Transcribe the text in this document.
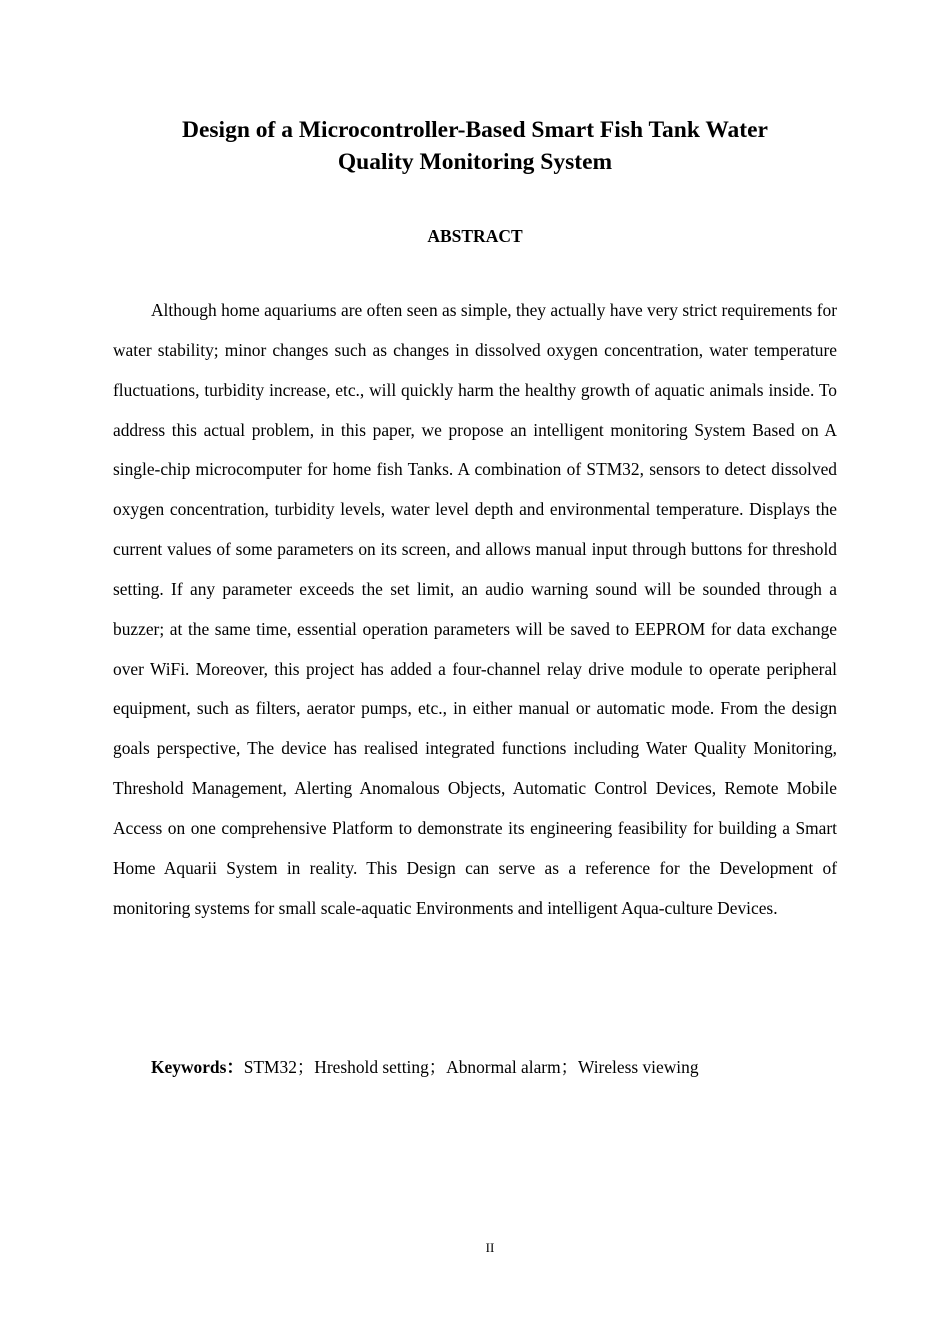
Design of a Microcontroller-Based Smart Fish Tank Water
Quality Monitoring System
ABSTRACT

Although home aquariums are often seen as simple, they actually have very strict requirements for water stability; minor changes such as changes in dissolved oxygen concentration, water temperature fluctuations, turbidity increase, etc., will quickly harm the healthy growth of aquatic animals inside. To address this actual problem, in this paper, we propose an intelligent monitoring System Based on A single-chip microcomputer for home fish Tanks. A combination of STM32, sensors to detect dissolved oxygen concentration, turbidity levels, water level depth and environmental temperature. Displays the current values of some parameters on its screen, and allows manual input through buttons for threshold setting. If any parameter exceeds the set limit, an audio warning sound will be sounded through a buzzer; at the same time, essential operation parameters will be saved to EEPROM for data exchange over WiFi. Moreover, this project has added a four-channel relay drive module to operate peripheral equipment, such as filters, aerator pumps, etc., in either manual or automatic mode. From the design goals perspective, The device has realised integrated functions including Water Quality Monitoring, Threshold Management, Alerting Anomalous Objects, Automatic Control Devices, Remote Mobile Access on one comprehensive Platform to demonstrate its engineering feasibility for building a Smart Home Aquarii System in reality. This Design can serve as a reference for the Development of monitoring systems for small scale-aquatic Environments and intelligent Aqua-culture Devices.

Keywords：STM32；Hreshold setting；Abnormal alarm；Wireless viewing

II
